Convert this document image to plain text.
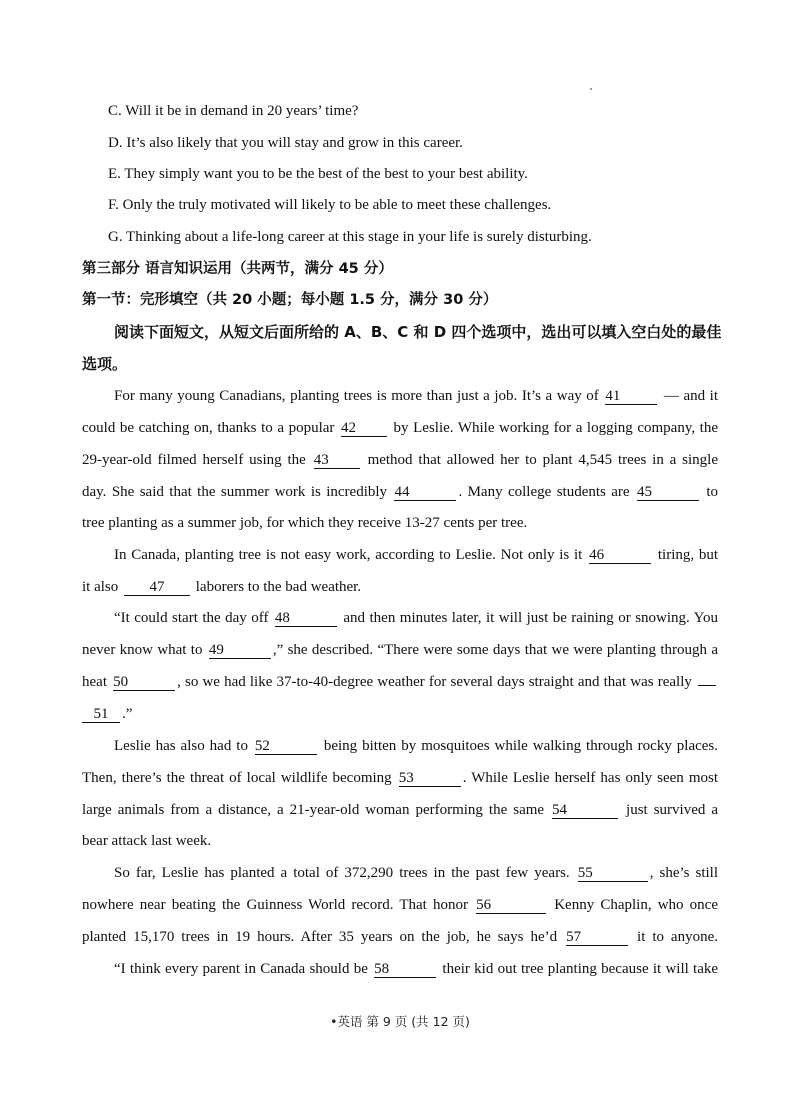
C. Will it be in demand in 20 years’ time?
D. It’s also likely that you will stay and grow in this career.
E. They simply want you to be the best of the best to your best ability.
F. Only the truly motivated will likely to be able to meet these challenges.
G. Thinking about a life-long career at this stage in your life is surely disturbing.
第三部分 语言知识运用（共两节，满分 45 分）
第一节：完形填空（共 20 小题；每小题 1.5 分，满分 30 分）
阅读下面短文，从短文后面所给的 A、B、C 和 D 四个选项中，选出可以填入空白处的最佳
选项。
For many young Canadians, planting trees is more than just a job. It’s a way of 41	— and it
could be catching on, thanks to a popular 42	by Leslie. While working for a logging company, the
29-year-old filmed herself using the 43	method that allowed her to plant 4,545 trees in a single
day. She said that the summer work is incredibly 44	. Many college students are 45	to
tree planting as a summer job, for which they receive 13-27 cents per tree.
In Canada, planting tree is not easy work, according to Leslie. Not only is it 46	tiring, but
it also 47 laborers to the bad weather.
“It could start the day off 48	and then minutes later, it will just be raining or snowing. You
never know what to 49	,” she described. “There were some days that we were planting through a
heat 50	, so we had like 37-to-40-degree weather for several days straight and that was really
51 .”
Leslie has also had to 52	being bitten by mosquitoes while walking through rocky places.
Then, there’s the threat of local wildlife becoming 53	. While Leslie herself has only seen most
large animals from a distance, a 21-year-old woman performing the same 54	just survived a
bear attack last week.
So far, Leslie has planted a total of 372,290 trees in the past few years. 55	, she’s still
nowhere near beating the Guinness World record. That honor 56	Kenny Chaplin, who once
planted 15,170 trees in 19 hours. After 35 years on the job, he says he’d 57	it to anyone.
“I think every parent in Canada should be 58	their kid out tree planting because it will take
•英语 第 9 页 (共 12 页)
